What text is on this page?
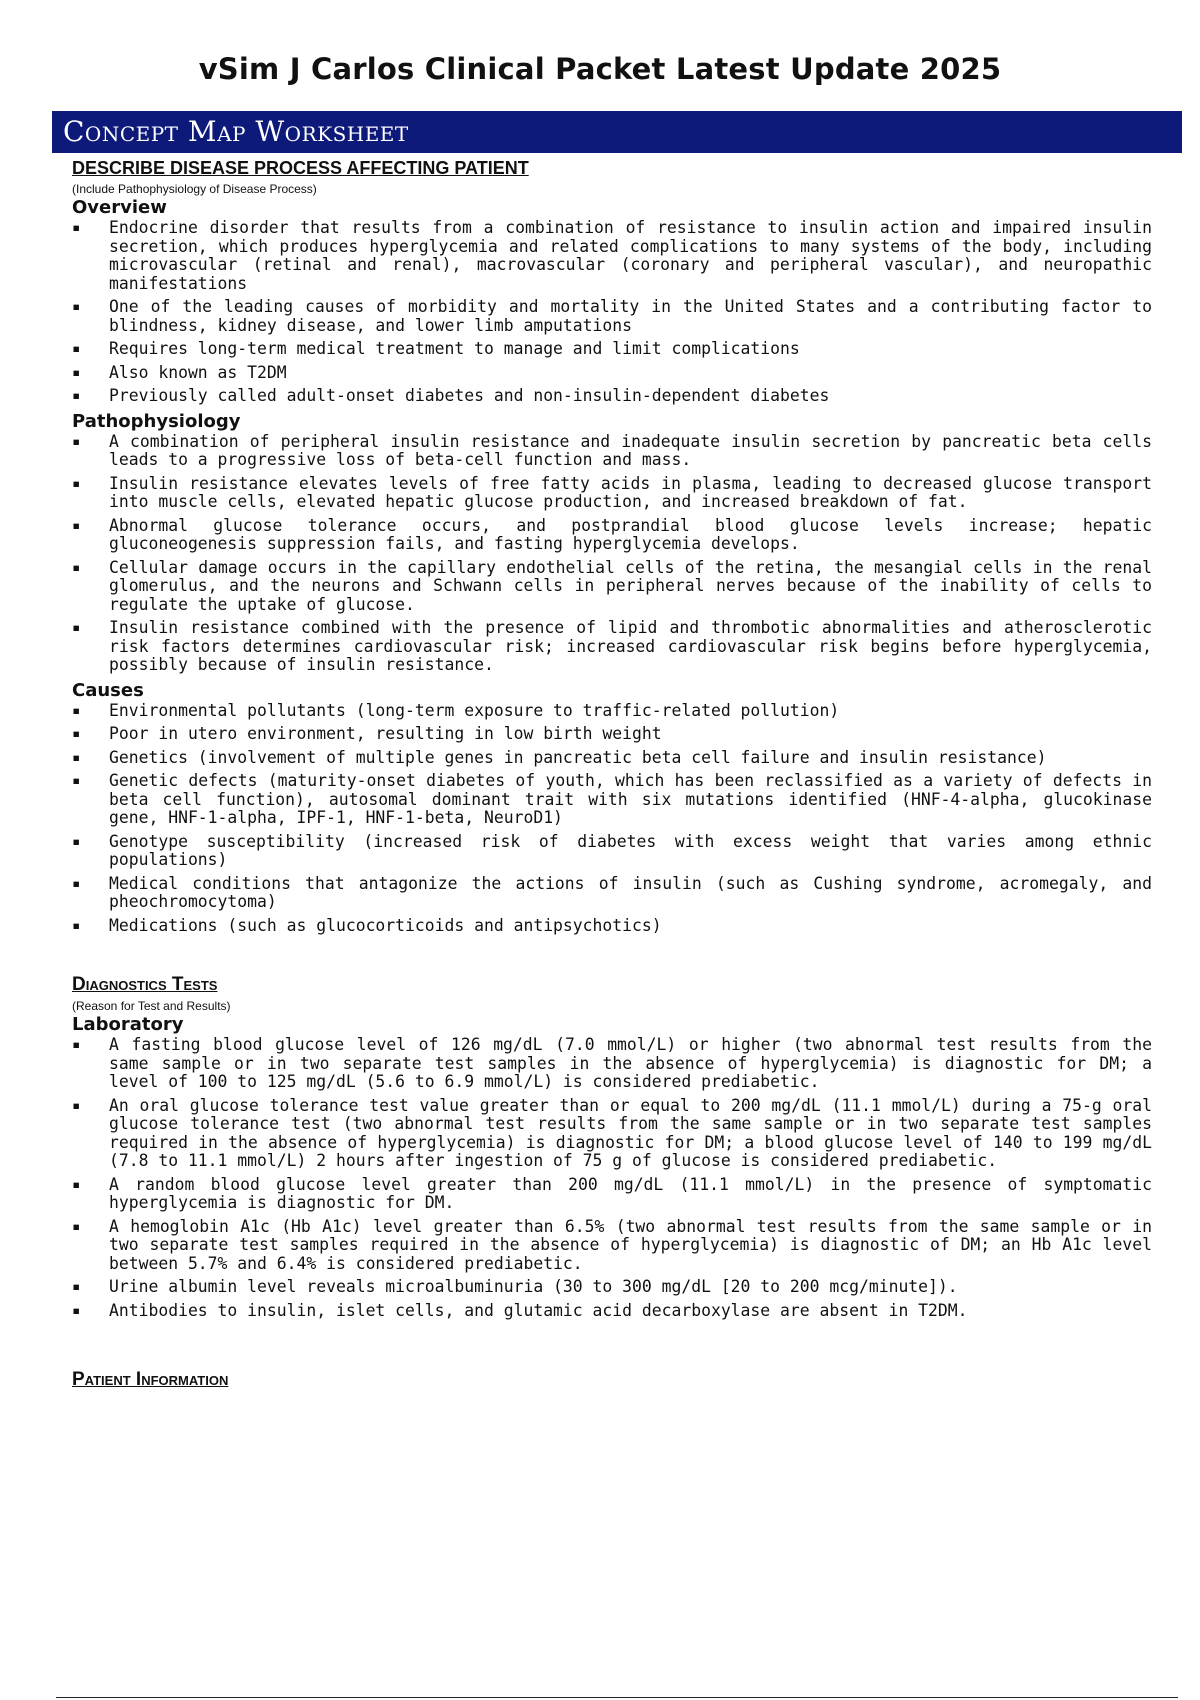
vSim J Carlos Clinical Packet Latest Update 2025
Concept Map Worksheet

DESCRIBE DISEASE PROCESS AFFECTING PATIENT

(Include Pathophysiology of Disease Process)

Overview

▪ Endocrine disorder that results from a combination of resistance to insulin action and impaired insulin secretion, which produces hyperglycemia and related complications to many systems of the body, including microvascular (retinal and renal), macrovascular (coronary and peripheral vascular), and neuropathic manifestations
▪ One of the leading causes of morbidity and mortality in the United States and a contributing factor to blindness, kidney disease, and lower limb amputations
▪ Requires long-term medical treatment to manage and limit complications
▪ Also known as T2DM
▪ Previously called adult-onset diabetes and non-insulin-dependent diabetes

Pathophysiology

▪ A combination of peripheral insulin resistance and inadequate insulin secretion by pancreatic beta cells leads to a progressive loss of beta-cell function and mass.
▪ Insulin resistance elevates levels of free fatty acids in plasma, leading to decreased glucose transport into muscle cells, elevated hepatic glucose production, and increased breakdown of fat.
▪ Abnormal glucose tolerance occurs, and postprandial blood glucose levels increase; hepatic gluconeogenesis suppression fails, and fasting hyperglycemia develops.
▪ Cellular damage occurs in the capillary endothelial cells of the retina, the mesangial cells in the renal glomerulus, and the neurons and Schwann cells in peripheral nerves because of the inability of cells to regulate the uptake of glucose.
▪ Insulin resistance combined with the presence of lipid and thrombotic abnormalities and atherosclerotic risk factors determines cardiovascular risk; increased cardiovascular risk begins before hyperglycemia, possibly because of insulin resistance.

Causes

▪ Environmental pollutants (long-term exposure to traffic-related pollution)
▪ Poor in utero environment, resulting in low birth weight
▪ Genetics (involvement of multiple genes in pancreatic beta cell failure and insulin resistance)
▪ Genetic defects (maturity-onset diabetes of youth, which has been reclassified as a variety of defects in beta cell function), autosomal dominant trait with six mutations identified (HNF-4-alpha, glucokinase gene, HNF-1-alpha, IPF-1, HNF-1-beta, NeuroD1)
▪ Genotype susceptibility (increased risk of diabetes with excess weight that varies among ethnic populations)
▪ Medical conditions that antagonize the actions of insulin (such as Cushing syndrome, acromegaly, and pheochromocytoma)
▪ Medications (such as glucocorticoids and antipsychotics)

Diagnostics Tests

(Reason for Test and Results)

Laboratory

▪ A fasting blood glucose level of 126 mg/dL (7.0 mmol/L) or higher (two abnormal test results from the same sample or in two separate test samples in the absence of hyperglycemia) is diagnostic for DM; a level of 100 to 125 mg/dL (5.6 to 6.9 mmol/L) is considered prediabetic.
▪ An oral glucose tolerance test value greater than or equal to 200 mg/dL (11.1 mmol/L) during a 75-g oral glucose tolerance test (two abnormal test results from the same sample or in two separate test samples required in the absence of hyperglycemia) is diagnostic for DM; a blood glucose level of 140 to 199 mg/dL (7.8 to 11.1 mmol/L) 2 hours after ingestion of 75 g of glucose is considered prediabetic.
▪ A random blood glucose level greater than 200 mg/dL (11.1 mmol/L) in the presence of symptomatic hyperglycemia is diagnostic for DM.
▪ A hemoglobin A1c (Hb A1c) level greater than 6.5% (two abnormal test results from the same sample or in two separate test samples required in the absence of hyperglycemia) is diagnostic of DM; an Hb A1c level between 5.7% and 6.4% is considered prediabetic.
▪ Urine albumin level reveals microalbuminuria (30 to 300 mg/dL [20 to 200 mcg/minute]).
▪ Antibodies to insulin, islet cells, and glutamic acid decarboxylase are absent in T2DM.

Patient Information
